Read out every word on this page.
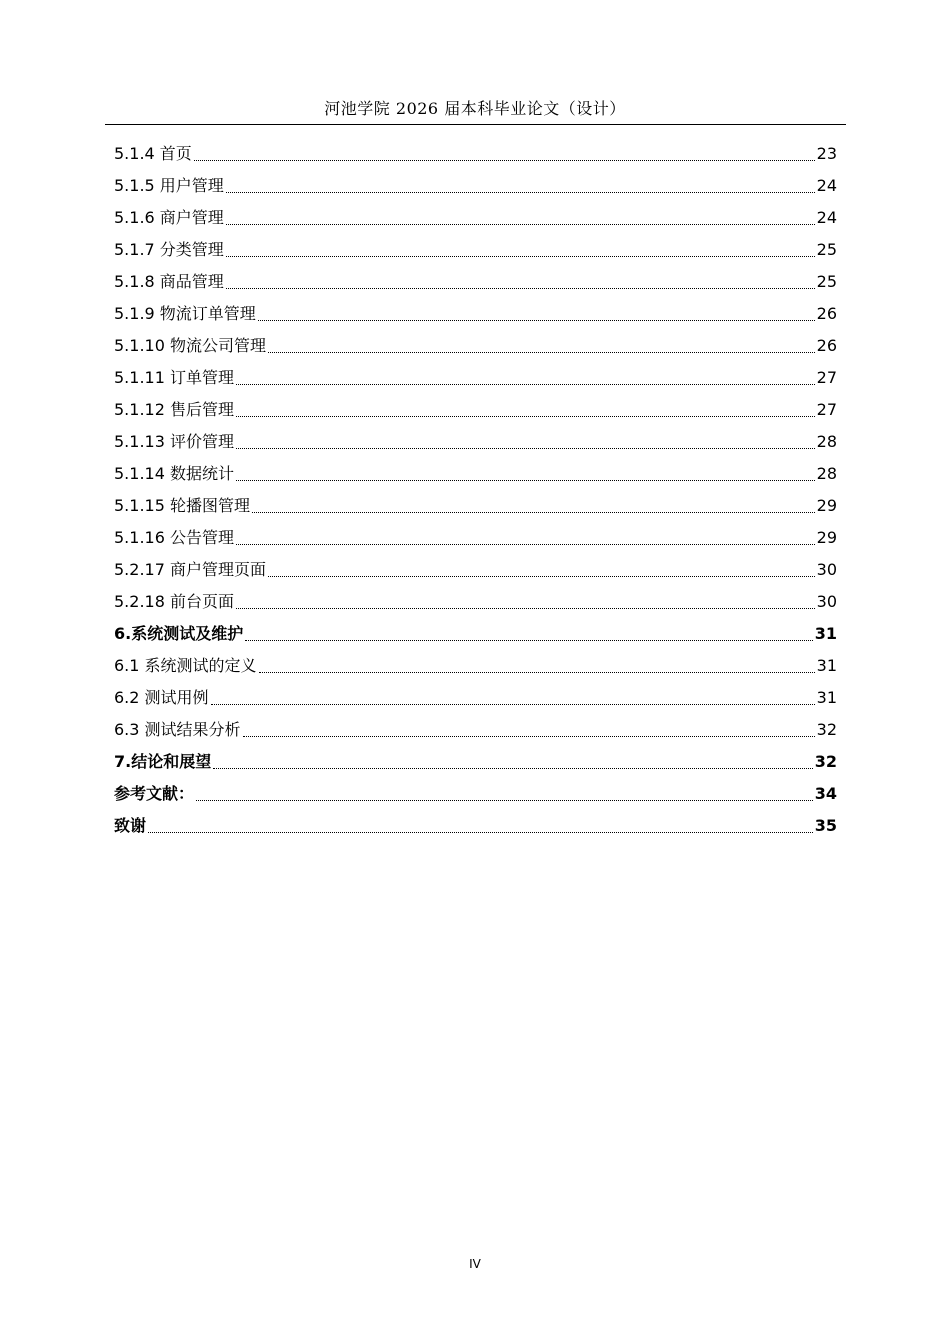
河池学院 2026 届本科毕业论文（设计）
5.1.4 首页	23
5.1.5 用户管理	24
5.1.6 商户管理	24
5.1.7 分类管理	25
5.1.8 商品管理	25
5.1.9 物流订单管理	26
5.1.10 物流公司管理	26
5.1.11 订单管理	27
5.1.12 售后管理	27
5.1.13 评价管理	28
5.1.14 数据统计	28
5.1.15 轮播图管理	29
5.1.16 公告管理	29
5.2.17 商户管理页面	30
5.2.18 前台页面	30
6.系统测试及维护	31
6.1 系统测试的定义	31
6.2 测试用例	31
6.3 测试结果分析	32
7.结论和展望	32
参考文献：	34
致谢	35
IV
